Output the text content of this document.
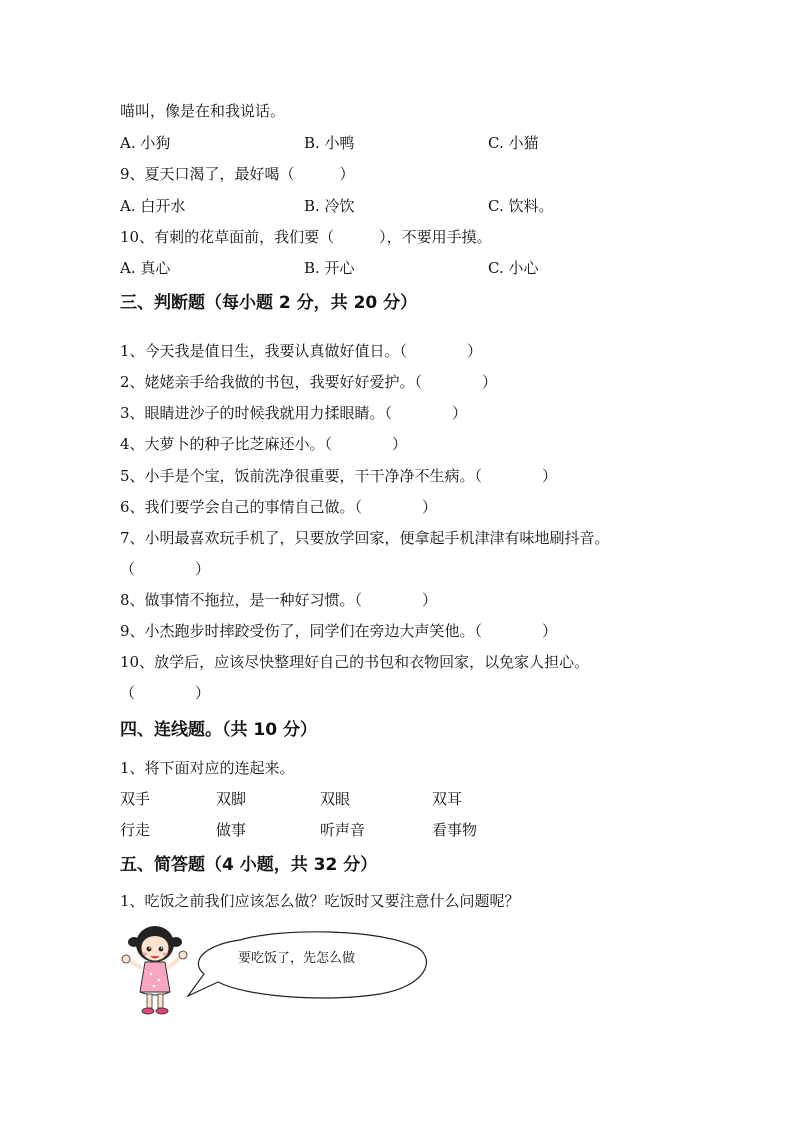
喵叫，像是在和我说话。
A. 小狗	B. 小鸭	C. 小猫
9、夏天口渴了，最好喝（　　　）
A. 白开水	B. 冷饮	C. 饮料。
10、有刺的花草面前，我们要（　　　），不要用手摸。
A. 真心	B. 开心	C. 小心
三、判断题（每小题 2 分，共 20 分）
1、今天我是值日生，我要认真做好值日。（　　　　）
2、姥姥亲手给我做的书包，我要好好爱护。（　　　　）
3、眼睛进沙子的时候我就用力揉眼睛。（　　　　）
4、大萝卜的种子比芝麻还小。（　　　　）
5、小手是个宝，饭前洗净很重要，干干净净不生病。（　　　　）
6、我们要学会自己的事情自己做。（　　　　）
7、小明最喜欢玩手机了，只要放学回家，便拿起手机津津有味地刷抖音。
（　　　　）
8、做事情不拖拉，是一种好习惯。（　　　　）
9、小杰跑步时摔跤受伤了，同学们在旁边大声笑他。（　　　　）
10、放学后，应该尽快整理好自己的书包和衣物回家，以免家人担心。
（　　　　）
四、连线题。（共 10 分）
1、将下面对应的连起来。
双手	双脚	双眼	双耳
行走	做事	听声音	看事物
五、简答题（4 小题，共 32 分）
1、吃饭之前我们应该怎么做？吃饭时又要注意什么问题呢？
要吃饭了，先怎么做
